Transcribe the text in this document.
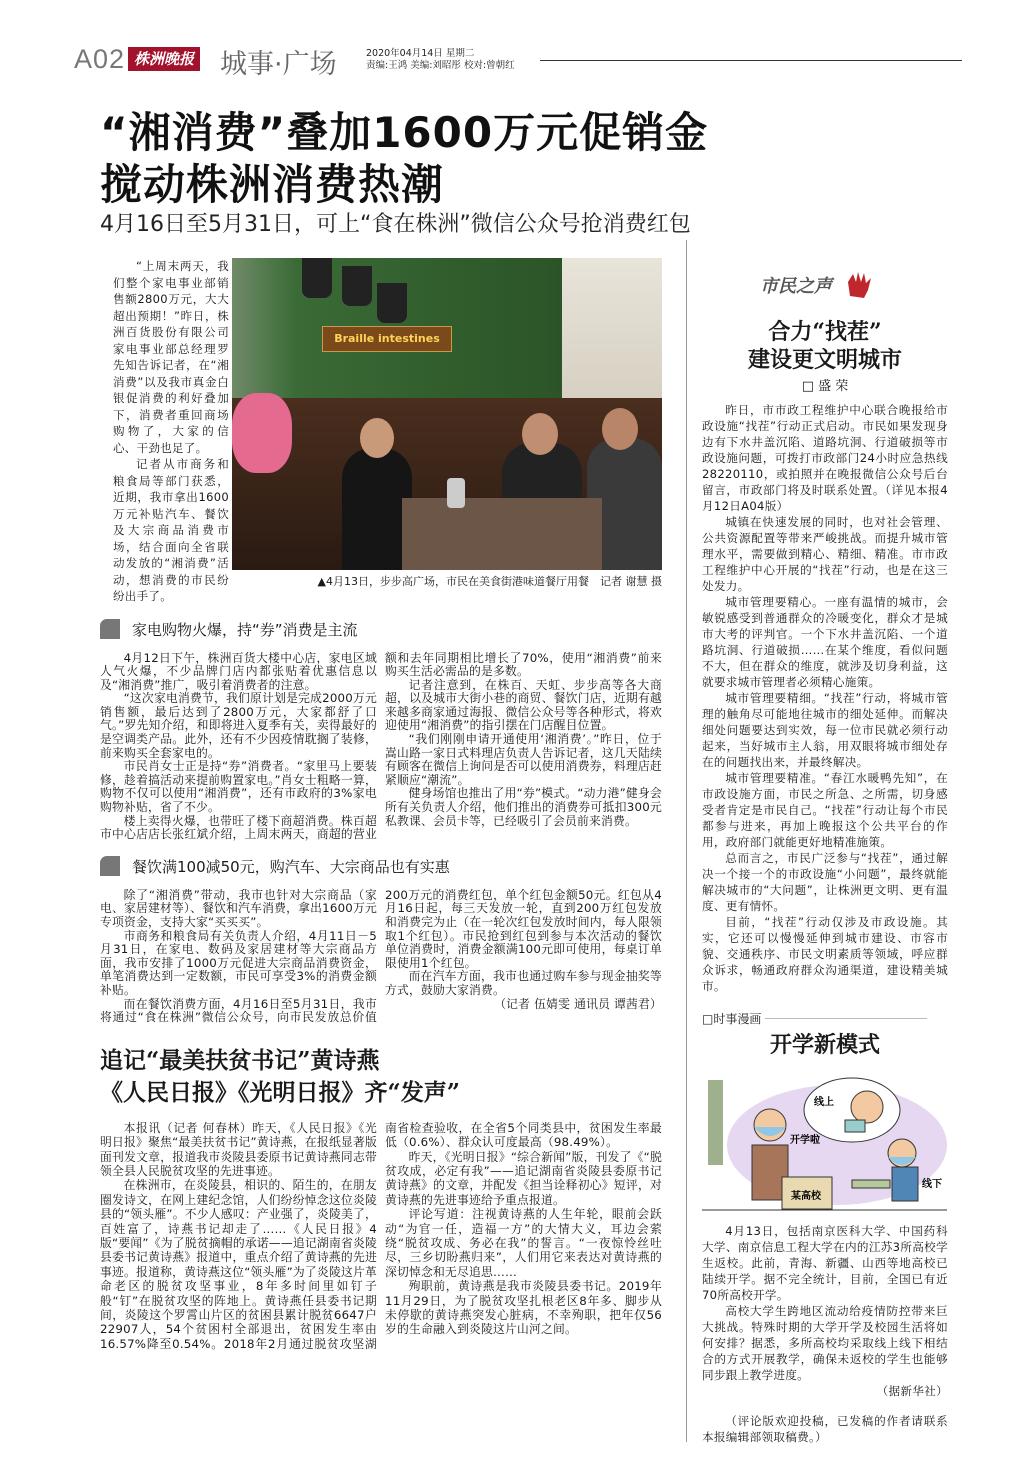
A02 株洲晚报 城事·广场	2020年04月14日 星期二
责编:王鸿 美编:刘昭彤 校对:曾朝红
“湘消费”叠加1600万元促销金
搅动株洲消费热潮
4月16日至5月31日，可上“食在株洲”微信公众号抢消费红包

“上周末两天，我们整个家电事业部销售额2800万元，大大超出预期！”昨日，株洲百货股份有限公司家电事业部总经理罗先知告诉记者，在“湘消费”以及我市真金白银促消费的利好叠加下，消费者重回商场购物了，大家的信心、干劲也足了。

记者从市商务和粮食局等部门获悉，近期，我市拿出1600万元补贴汽车、餐饮及大宗商品消费市场，结合面向全省联动发放的“湘消费”活动，想消费的市民纷纷出手了。

Braille intestines
▲4月13日，步步高广场，市民在美食街港味道餐厅用餐　记者 谢慧 摄
家电购物火爆，持“券”消费是主流

4月12日下午，株洲百货大楼中心店，家电区域人气火爆，不少品牌门店内都张贴着优惠信息以及“湘消费”推广，吸引着消费者的注意。

“这次家电消费节，我们原计划是完成2000万元销售额，最后达到了2800万元，大家都舒了口气。”罗先知介绍，和即将进入夏季有关，卖得最好的是空调类产品。此外，还有不少因疫情耽搁了装修，前来购买全套家电的。

市民肖女士正是持“券”消费者。“家里马上要装修，趁着搞活动来提前购置家电。”肖女士粗略一算，购物不仅可以使用“湘消费”，还有市政府的3%家电购物补贴，省了不少。

楼上卖得火爆，也带旺了楼下商超消费。株百超市中心店店长张红斌介绍，上周末两天，商超的营业额和去年同期相比增长了70%，使用“湘消费”前来购买生活必需品的是多数。

记者注意到，在株百、天虹、步步高等各大商超，以及城市大街小巷的商贸、餐饮门店，近期有越来越多商家通过海报、微信公众号等各种形式，将欢迎使用“湘消费”的指引摆在门店醒目位置。

“我们刚刚申请开通使用‘湘消费’。”昨日，位于嵩山路一家日式料理店负责人告诉记者，这几天陆续有顾客在微信上询问是否可以使用消费券，料理店赶紧顺应“潮流”。

健身场馆也推出了用“券”模式。“动力港”健身会所有关负责人介绍，他们推出的消费券可抵扣300元私教课、会员卡等，已经吸引了会员前来消费。

餐饮满100减50元，购汽车、大宗商品也有实惠

除了“湘消费”带动，我市也针对大宗商品（家电、家居建材等）、餐饮和汽车消费，拿出1600万元专项资金，支持大家“买买买”。

市商务和粮食局有关负责人介绍，4月11日－5月31日，在家电、数码及家居建材等大宗商品方面，我市安排了1000万元促进大宗商品消费资金，单笔消费达到一定数额，市民可享受3%的消费金额补贴。

而在餐饮消费方面，4月16日至5月31日，我市将通过“食在株洲”微信公众号，向市民发放总价值200万元的消费红包，单个红包金额50元。红包从4月16日起，每三天发放一轮，直到200万红包发放和消费完为止（在一轮次红包发放时间内，每人限领取1个红包）。市民抢到红包到参与本次活动的餐饮单位消费时，消费金额满100元即可使用，每桌订单限使用1个红包。

而在汽车方面，我市也通过购车参与现金抽奖等方式，鼓励大家消费。

（记者 伍婧雯 通讯员 谭茜君）

追记“最美扶贫书记”黄诗燕
《人民日报》《光明日报》齐“发声”

本报讯（记者 何春林）昨天，《人民日报》《光明日报》聚焦“最美扶贫书记”黄诗燕，在报纸显著版面刊发文章，报道我市炎陵县委原书记黄诗燕同志带领全县人民脱贫攻坚的先进事迹。

在株洲市，在炎陵县，相识的、陌生的，在朋友圈发诗文，在网上建纪念馆，人们纷纷悼念这位炎陵县的“领头雁”。不少人感叹：产业强了，炎陵美了，百姓富了，诗燕书记却走了……《人民日报》4版“要闻”《为了脱贫摘帽的承诺——追记湖南省炎陵县委书记黄诗燕》报道中，重点介绍了黄诗燕的先进事迹。报道称，黄诗燕这位“领头雁”为了炎陵这片革命老区的脱贫攻坚事业，8年多时间里如钉子般“钉”在脱贫攻坚的阵地上。黄诗燕任县委书记期间，炎陵这个罗霄山片区的贫困县累计脱贫6647户22907人，54个贫困村全部退出，贫困发生率由16.57%降至0.54%。2018年2月通过脱贫攻坚湖南省检查验收，在全省5个同类县中，贫困发生率最低（0.6%）、群众认可度最高（98.49%）。

昨天，《光明日报》“综合新闻”版，刊发了《“脱贫攻成，必定有我”——追记湖南省炎陵县委原书记黄诗燕》的文章，并配发《担当诠释初心》短评，对黄诗燕的先进事迹给予重点报道。

评论写道：注视黄诗燕的人生年轮，眼前会跃动“为官一任，造福一方”的大情大义，耳边会萦绕“脱贫攻成、务必在我”的誓言。“一夜惊怜丝吐尽，三乡切盼燕归来”，人们用它来表达对黄诗燕的深切悼念和无尽追思……

殉职前，黄诗燕是我市炎陵县委书记。2019年11月29日，为了脱贫攻坚扎根老区8年多、脚步从未停歇的黄诗燕突发心脏病，不幸殉职，把年仅56岁的生命融入到炎陵这片山河之间。

市民之声
合力“找茬”
建设更文明城市
□ 盛 荣

昨日，市市政工程维护中心联合晚报给市政设施“找茬”行动正式启动。市民如果发现身边有下水井盖沉陷、道路坑洞、行道破损等市政设施问题，可拨打市政部门24小时应急热线28220110，或拍照并在晚报微信公众号后台留言，市政部门将及时联系处置。（详见本报4月12日A04版）

城镇在快速发展的同时，也对社会管理、公共资源配置等带来严峻挑战。而提升城市管理水平，需要做到精心、精细、精准。市市政工程维护中心开展的“找茬”行动，也是在这三处发力。

城市管理要精心。一座有温情的城市，会敏锐感受到普通群众的冷暖变化，群众才是城市大考的评判官。一个下水井盖沉陷、一个道路坑洞、行道破损……在某个维度，看似问题不大，但在群众的维度，就涉及切身利益，这就要求城市管理者必须精心施策。

城市管理要精细。“找茬”行动，将城市管理的触角尽可能地往城市的细处延伸。而解决细处问题要达到实效，每一位市民就必须行动起来，当好城市主人翁，用双眼将城市细处存在的问题找出来，并最终解决。

城市管理要精准。“春江水暖鸭先知”，在市政设施方面，市民之所急、之所需，切身感受者肯定是市民自己。“找茬”行动让每个市民都参与进来，再加上晚报这个公共平台的作用，政府部门就能更好地精准施策。

总而言之，市民广泛参与“找茬”，通过解决一个接一个的市政设施“小问题”，最终就能解决城市的“大问题”，让株洲更文明、更有温度、更有情怀。

目前，“找茬”行动仅涉及市政设施。其实，它还可以慢慢延伸到城市建设、市容市貌、交通秩序、市民文明素质等领域，呼应群众诉求，畅通政府群众沟通渠道，建设精美城市。

□时事漫画
开学新模式
线上
开学啦
线下
某高校

4月13日，包括南京医科大学、中国药科大学、南京信息工程大学在内的江苏3所高校学生返校。此前，青海、新疆、山西等地高校已陆续开学。据不完全统计，目前，全国已有近70所高校开学。

高校大学生跨地区流动给疫情防控带来巨大挑战。特殊时期的大学开学及校园生活将如何安排？据悉，多所高校均采取线上线下相结合的方式开展教学，确保未返校的学生也能够同步跟上教学进度。

（据新华社）

（评论版欢迎投稿，已发稿的作者请联系本报编辑部领取稿费。）
